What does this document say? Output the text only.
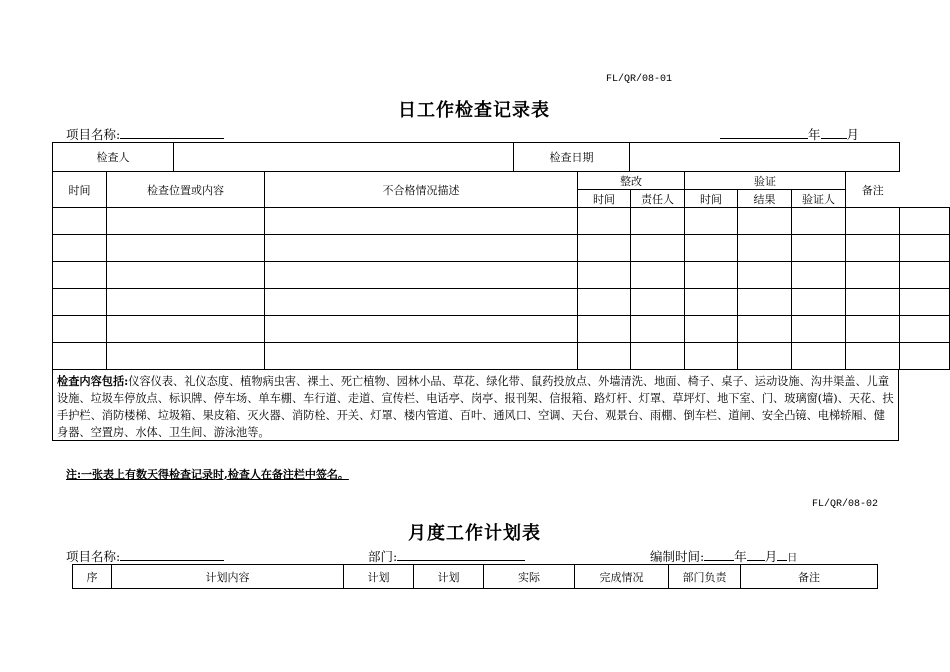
FL/QR/08-01
日工作检查记录表
项目名称:	年 月
检查人		检查日期	
时间	检查位置或内容	不合格情况描述	整改		验证			备注	
			时间	责任人	时间	结果	验证人		

检查内容包括:仪容仪表、礼仪态度、植物病虫害、裸土、死亡植物、园林小品、草花、绿化带、鼠药投放点、外墙清洗、地面、椅子、桌子、运动设施、沟井渠盖、儿童设施、垃圾车停放点、标识牌、停车场、单车棚、车行道、走道、宣传栏、电话亭、岗亭、报刊架、信报箱、路灯杆、灯罩、草坪灯、地下室、门、玻璃窗(墙)、天花、扶手护栏、消防楼梯、垃圾箱、果皮箱、灭火器、消防栓、开关、灯罩、楼内管道、百叶、通风口、空调、天台、观景台、雨棚、倒车栏、道闸、安全凸镜、电梯轿厢、健身器、空置房、水体、卫生间、游泳池等。
注:一张表上有数天得检查记录时,检查人在备注栏中签名。
FL/QR/08-02
月度工作计划表
项目名称:	部门:	编制时间: 年 月 日
序	计划内容	计划	计划	实际	完成情况	部门负责	备注
